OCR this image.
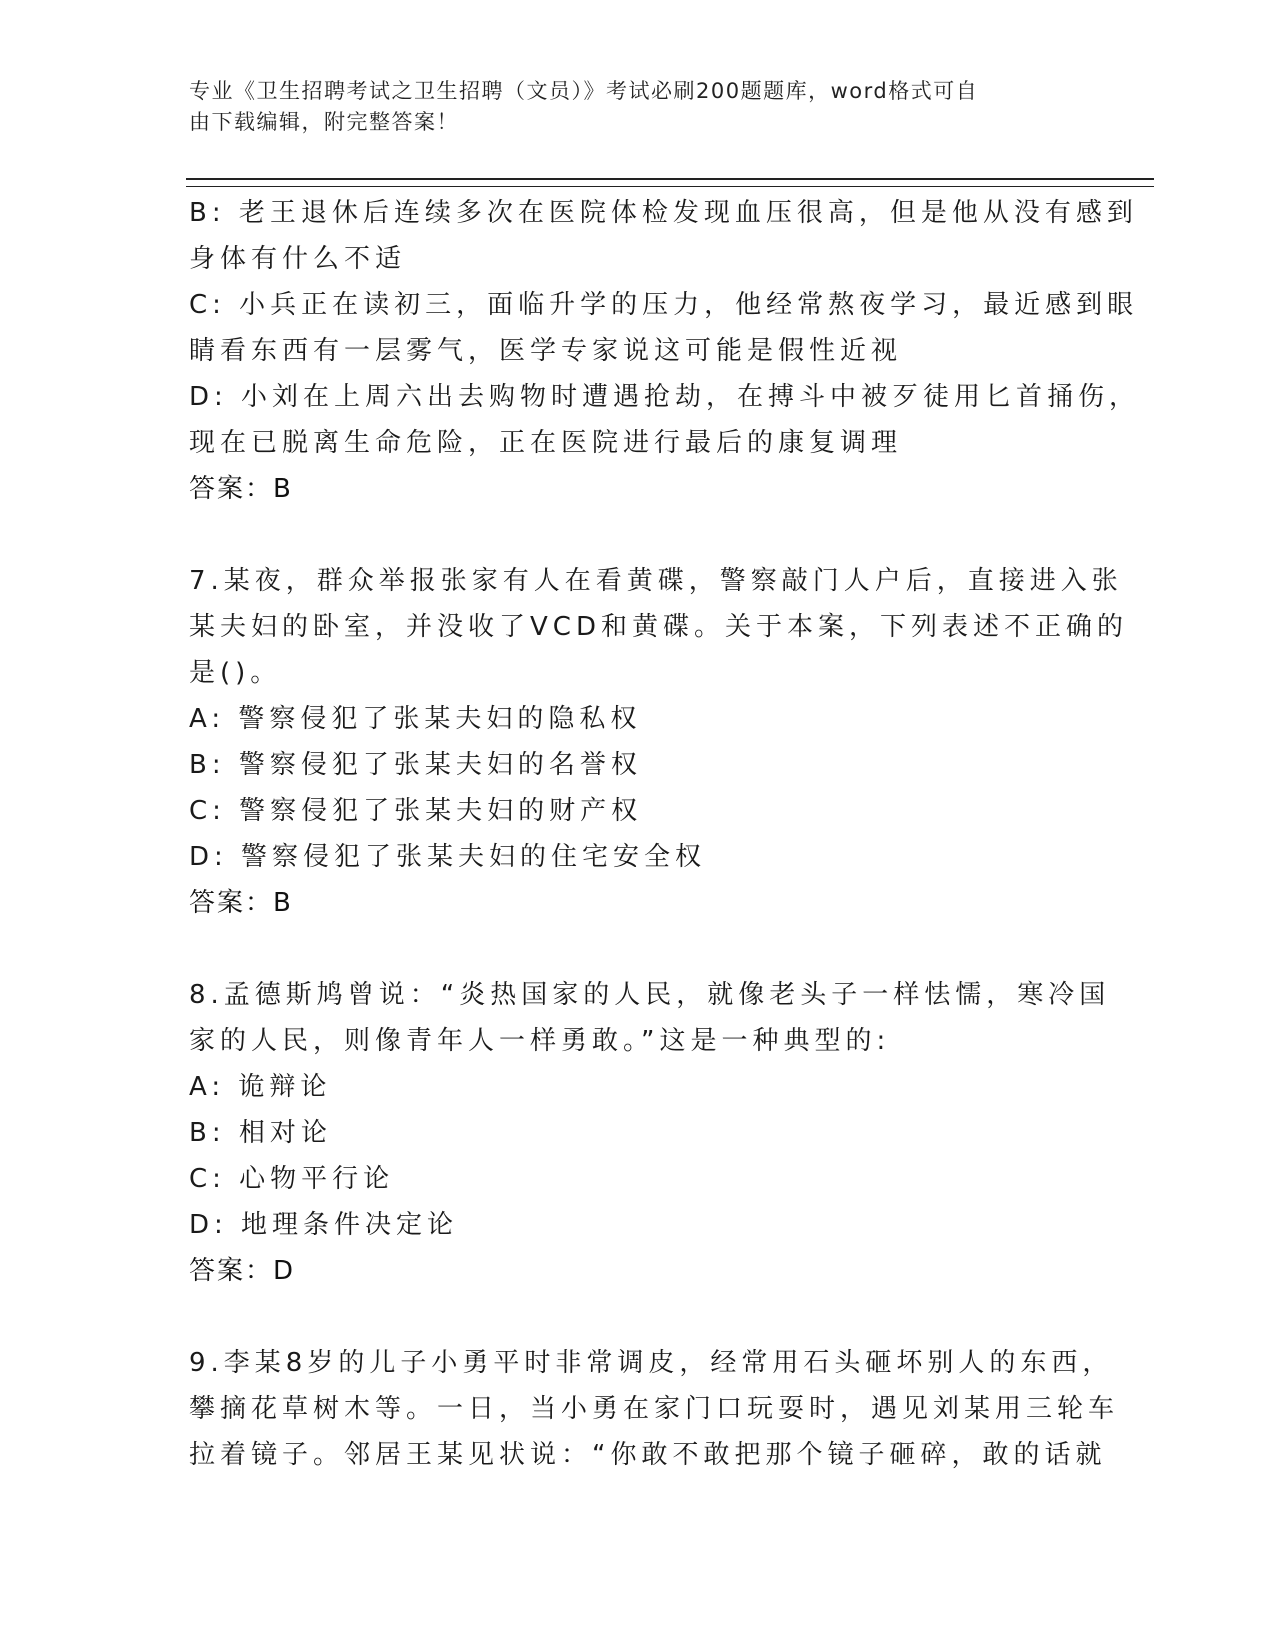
专业《卫生招聘考试之卫生招聘（文员）》考试必刷200题题库，word格式可自
由下载编辑，附完整答案！
B: 老王退休后连续多次在医院体检发现血压很高，但是他从没有感到
身体有什么不适
C: 小兵正在读初三，面临升学的压力，他经常熬夜学习，最近感到眼
睛看东西有一层雾气，医学专家说这可能是假性近视
D: 小刘在上周六出去购物时遭遇抢劫，在搏斗中被歹徒用匕首捅伤，
现在已脱离生命危险，正在医院进行最后的康复调理
答案：B
7.某夜，群众举报张家有人在看黄碟，警察敲门人户后，直接进入张
某夫妇的卧室，并没收了VCD和黄碟。关于本案，下列表述不正确的
是()。
A: 警察侵犯了张某夫妇的隐私权
B: 警察侵犯了张某夫妇的名誉权
C: 警察侵犯了张某夫妇的财产权
D: 警察侵犯了张某夫妇的住宅安全权
答案：B
8.孟德斯鸠曾说：“炎热国家的人民，就像老头子一样怯懦，寒冷国
家的人民，则像青年人一样勇敢。”这是一种典型的:
A: 诡辩论
B: 相对论
C: 心物平行论
D: 地理条件决定论
答案：D
9.李某8岁的儿子小勇平时非常调皮，经常用石头砸坏别人的东西，
攀摘花草树木等。一日，当小勇在家门口玩耍时，遇见刘某用三轮车
拉着镜子。邻居王某见状说：“你敢不敢把那个镜子砸碎，敢的话就
